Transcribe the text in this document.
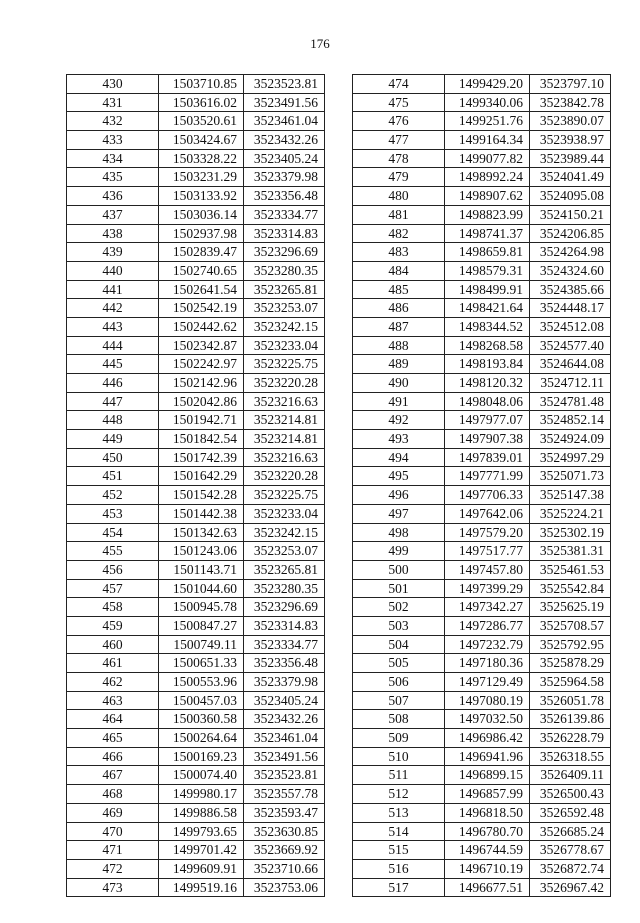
176
430	1503710.85	3523523.81
431	1503616.02	3523491.56
432	1503520.61	3523461.04
433	1503424.67	3523432.26
434	1503328.22	3523405.24
435	1503231.29	3523379.98
436	1503133.92	3523356.48
437	1503036.14	3523334.77
438	1502937.98	3523314.83
439	1502839.47	3523296.69
440	1502740.65	3523280.35
441	1502641.54	3523265.81
442	1502542.19	3523253.07
443	1502442.62	3523242.15
444	1502342.87	3523233.04
445	1502242.97	3523225.75
446	1502142.96	3523220.28
447	1502042.86	3523216.63
448	1501942.71	3523214.81
449	1501842.54	3523214.81
450	1501742.39	3523216.63
451	1501642.29	3523220.28
452	1501542.28	3523225.75
453	1501442.38	3523233.04
454	1501342.63	3523242.15
455	1501243.06	3523253.07
456	1501143.71	3523265.81
457	1501044.60	3523280.35
458	1500945.78	3523296.69
459	1500847.27	3523314.83
460	1500749.11	3523334.77
461	1500651.33	3523356.48
462	1500553.96	3523379.98
463	1500457.03	3523405.24
464	1500360.58	3523432.26
465	1500264.64	3523461.04
466	1500169.23	3523491.56
467	1500074.40	3523523.81
468	1499980.17	3523557.78
469	1499886.58	3523593.47
470	1499793.65	3523630.85
471	1499701.42	3523669.92
472	1499609.91	3523710.66
473	1499519.16	3523753.06
474	1499429.20	3523797.10
475	1499340.06	3523842.78
476	1499251.76	3523890.07
477	1499164.34	3523938.97
478	1499077.82	3523989.44
479	1498992.24	3524041.49
480	1498907.62	3524095.08
481	1498823.99	3524150.21
482	1498741.37	3524206.85
483	1498659.81	3524264.98
484	1498579.31	3524324.60
485	1498499.91	3524385.66
486	1498421.64	3524448.17
487	1498344.52	3524512.08
488	1498268.58	3524577.40
489	1498193.84	3524644.08
490	1498120.32	3524712.11
491	1498048.06	3524781.48
492	1497977.07	3524852.14
493	1497907.38	3524924.09
494	1497839.01	3524997.29
495	1497771.99	3525071.73
496	1497706.33	3525147.38
497	1497642.06	3525224.21
498	1497579.20	3525302.19
499	1497517.77	3525381.31
500	1497457.80	3525461.53
501	1497399.29	3525542.84
502	1497342.27	3525625.19
503	1497286.77	3525708.57
504	1497232.79	3525792.95
505	1497180.36	3525878.29
506	1497129.49	3525964.58
507	1497080.19	3526051.78
508	1497032.50	3526139.86
509	1496986.42	3526228.79
510	1496941.96	3526318.55
511	1496899.15	3526409.11
512	1496857.99	3526500.43
513	1496818.50	3526592.48
514	1496780.70	3526685.24
515	1496744.59	3526778.67
516	1496710.19	3526872.74
517	1496677.51	3526967.42
